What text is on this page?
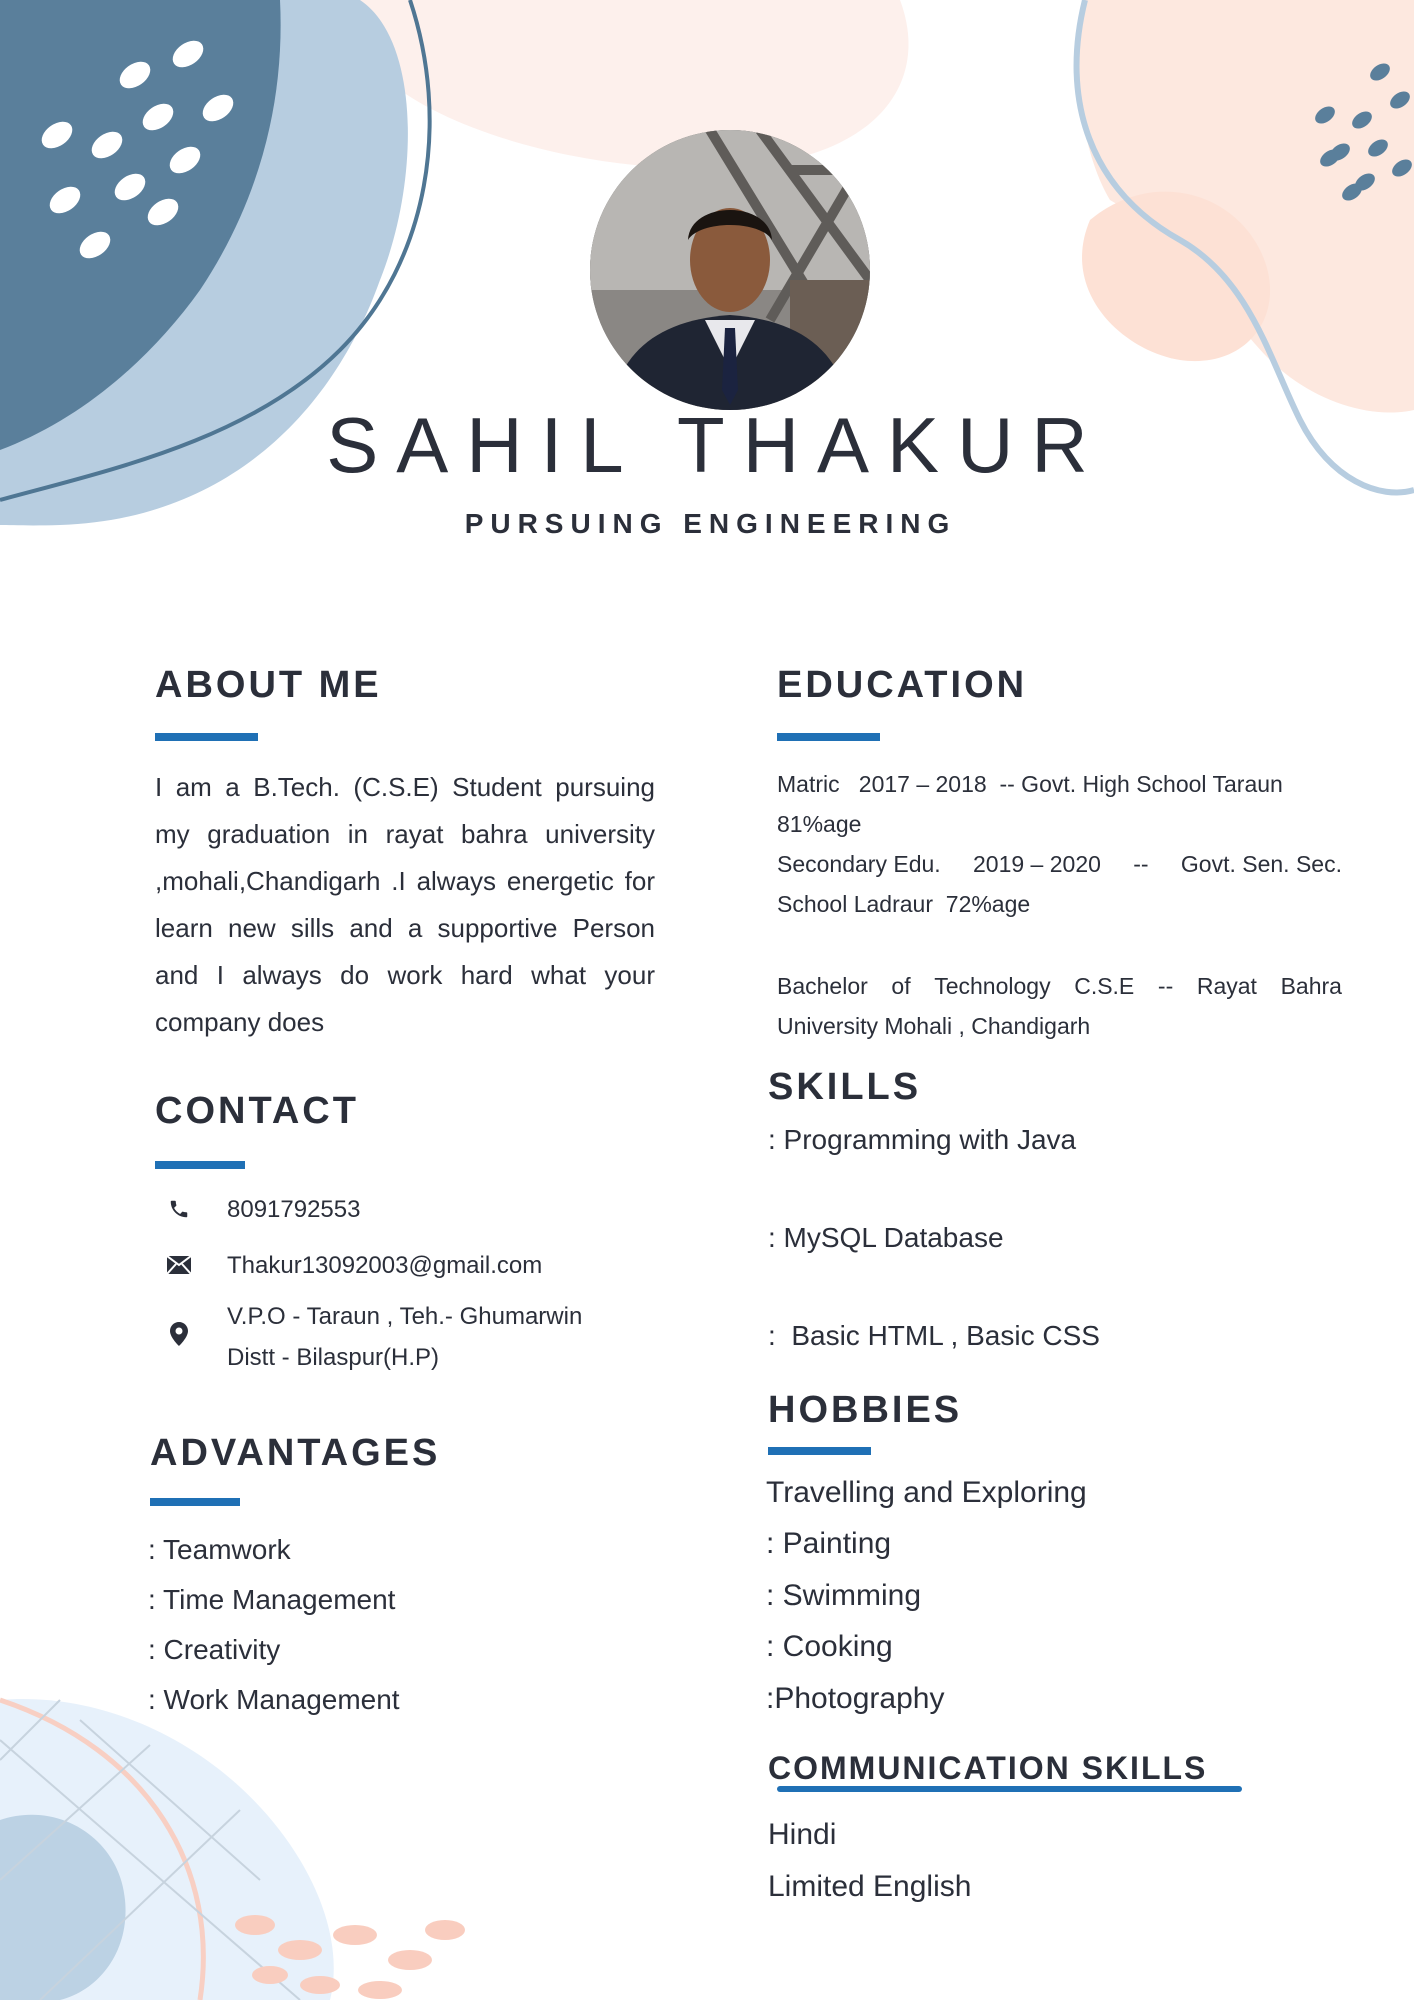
SAHIL THAKUR
PURSUING ENGINEERING
ABOUT ME
I am a B.Tech. (C.S.E) Student pursuing my graduation in rayat bahra university ,mohali,Chandigarh .I always energetic for learn new sills and a supportive Person and I always do work hard what your company does
CONTACT
8091792553
Thakur13092003@gmail.com
V.P.O - Taraun , Teh.- Ghumarwin
Distt - Bilaspur(H.P)
ADVANTAGES
: Teamwork
: Time Management
: Creativity
: Work Management
EDUCATION
Matric   2017 – 2018  -- Govt. High School Taraun
81%age
Secondary Edu. 2019 – 2020 -- Govt. Sen. Sec.
School Ladraur  72%age
Bachelor of Technology C.S.E -- Rayat Bahra
University Mohali , Chandigarh
SKILLS
: Programming with Java
: MySQL Database
:  Basic HTML , Basic CSS
HOBBIES
Travelling and Exploring
: Painting
: Swimming
: Cooking
:Photography
COMMUNICATION SKILLS
Hindi
Limited English
